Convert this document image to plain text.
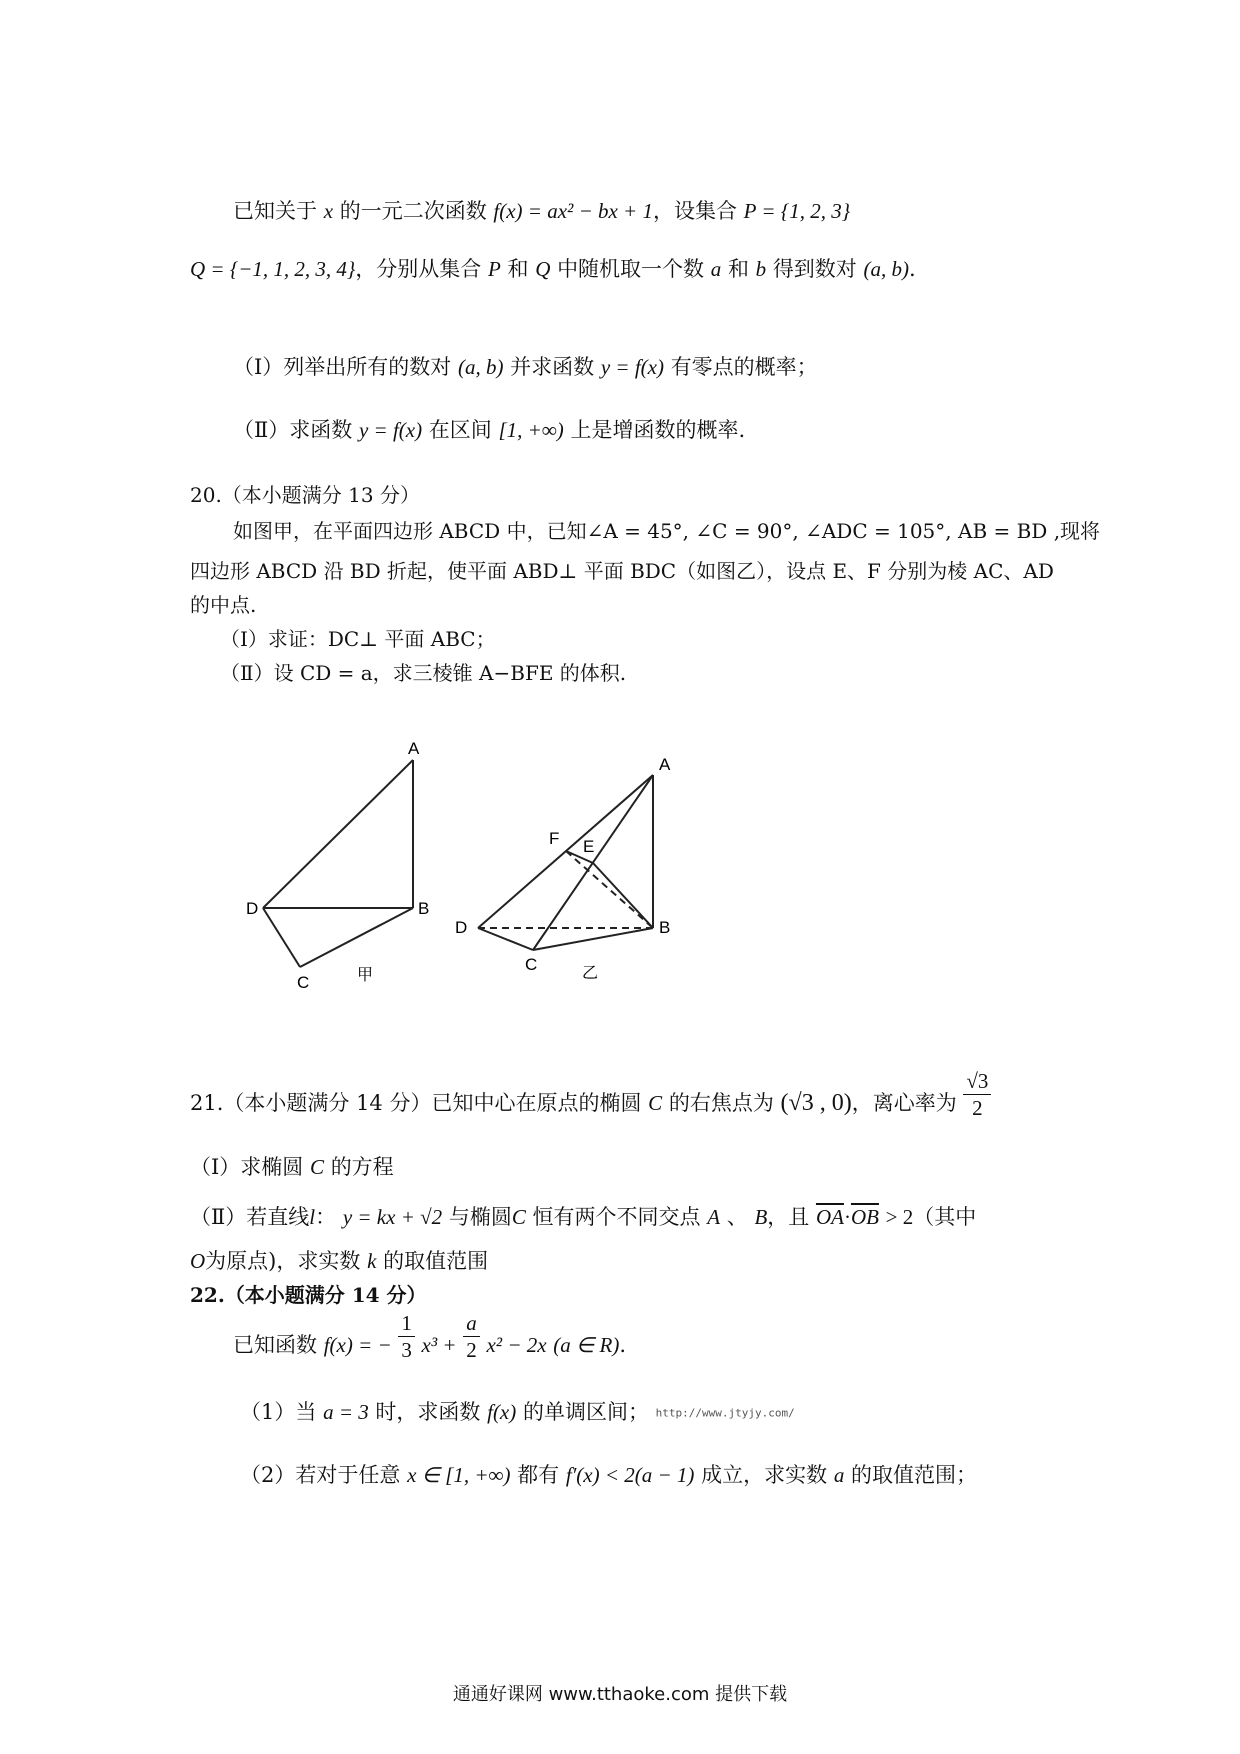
已知关于 x 的一元二次函数 f(x) = ax² − bx + 1，设集合 P = {1, 2, 3}
Q = {−1, 1, 2, 3, 4}，分别从集合 P 和 Q 中随机取一个数 a 和 b 得到数对 (a, b).
（Ⅰ）列举出所有的数对 (a, b) 并求函数 y = f(x) 有零点的概率；
（Ⅱ）求函数 y = f(x) 在区间 [1, +∞) 上是增函数的概率.
20.（本小题满分 13 分）
如图甲，在平面四边形 ABCD 中，已知∠A = 45°, ∠C = 90°, ∠ADC = 105°, AB = BD ,现将
四边形 ABCD 沿 BD 折起，使平面 ABD⊥ 平面 BDC（如图乙），设点 E、F 分别为棱 AC、AD
的中点.
（Ⅰ）求证：DC⊥ 平面 ABC；
（Ⅱ）设 CD = a，求三棱锥 A−BFE 的体积.
A
B
C
D
甲
A
B
C
D
E
F
乙
21.（本小题满分 14 分）已知中心在原点的椭圆 C 的右焦点为 (√3 , 0)，离心率为 $\frac{√3}{2}$
（Ⅰ）求椭圆 C 的方程
（Ⅱ）若直线l： y = kx + √2 与椭圆C 恒有两个不同交点 A 、 B，且 $\overline{OA}\cdot\overline{OB} > 2$（其中
O为原点)，求实数 k 的取值范围
22.（本小题满分 14 分）
已知函数 f(x) = − $\frac{1}{3} x^3 + \frac{a}{2} x^2 - 2x$ (a ∈ R).
（1）当 a = 3 时，求函数 f(x) 的单调区间； http://www.jtyjy.com/
（2）若对于任意 x ∈ [1, +∞) 都有 f′(x) < 2(a − 1) 成立，求实数 a 的取值范围；
通通好课网 www.tthaoke.com 提供下载
